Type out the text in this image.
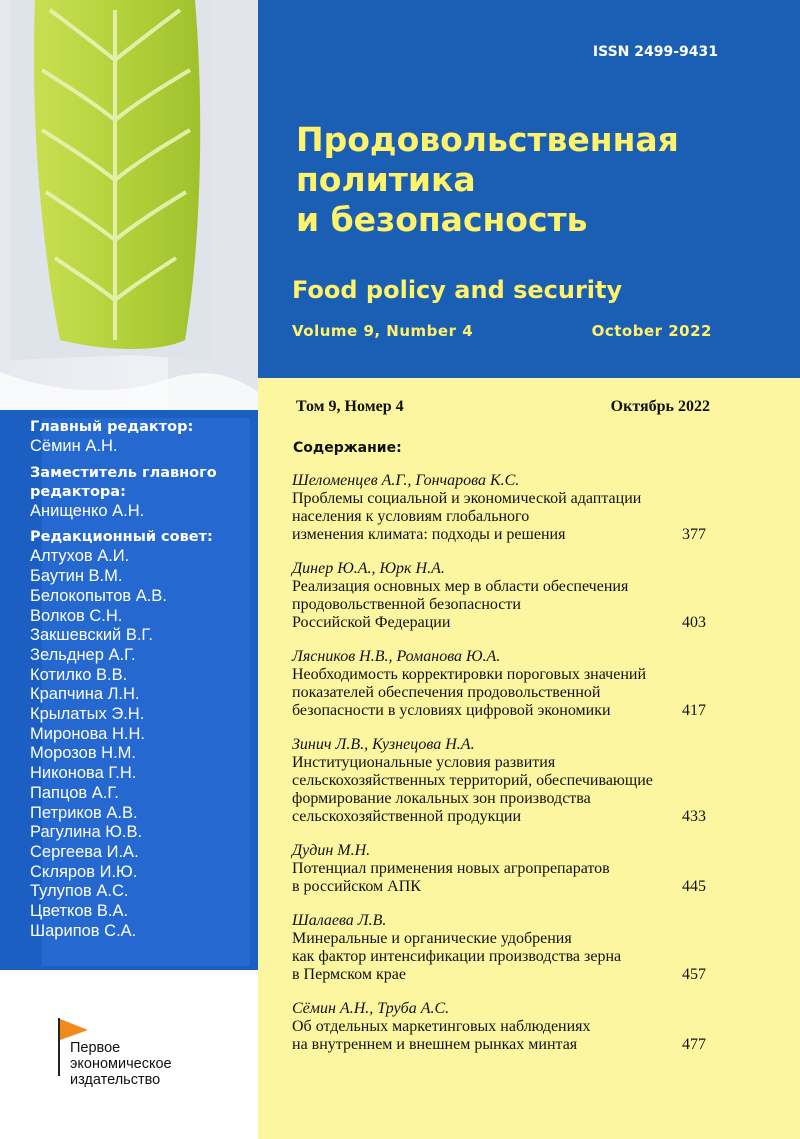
ISSN 2499-9431
Продовольственная
политика
и безопасность
Food policy and security
Volume 9, Number 4	October 2022
Том 9, Номер 4	Октябрь 2022
Содержание:
Шеломенцев А.Г., Гончарова К.С.
Проблемы социальной и экономической адаптации
населения к условиям глобального
изменения климата: подходы и решения	377
Динер Ю.А., Юрк Н.А.
Реализация основных мер в области обеспечения
продовольственной безопасности
Российской Федерации	403
Лясников Н.В., Романова Ю.А.
Необходимость корректировки пороговых значений
показателей обеспечения продовольственной
безопасности в условиях цифровой экономики	417
Зинич Л.В., Кузнецова Н.А.
Институциональные условия развития
сельскохозяйственных территорий, обеспечивающие
формирование локальных зон производства
сельскохозяйственной продукции	433
Дудин М.Н.
Потенциал применения новых агропрепаратов
в российском АПК	445
Шалаева Л.В.
Минеральные и органические удобрения
как фактор интенсификации производства зерна
в Пермском крае	457
Сёмин А.Н., Труба А.С.
Об отдельных маркетинговых наблюдениях
на внутреннем и внешнем рынках минтая	477
Главный редактор:
Сёмин А.Н.
Заместитель главного
редактора:
Анищенко А.Н.
Редакционный совет:
Алтухов А.И.
Баутин В.М.
Белокопытов А.В.
Волков С.Н.
Закшевский В.Г.
Зельднер А.Г.
Котилко В.В.
Крапчина Л.Н.
Крылатых Э.Н.
Миронова Н.Н.
Морозов Н.М.
Никонова Г.Н.
Папцов А.Г.
Петриков А.В.
Рагулина Ю.В.
Сергеева И.А.
Скляров И.Ю.
Тулупов А.С.
Цветков В.А.
Шарипов С.А.
Первое
экономическое
издательство
